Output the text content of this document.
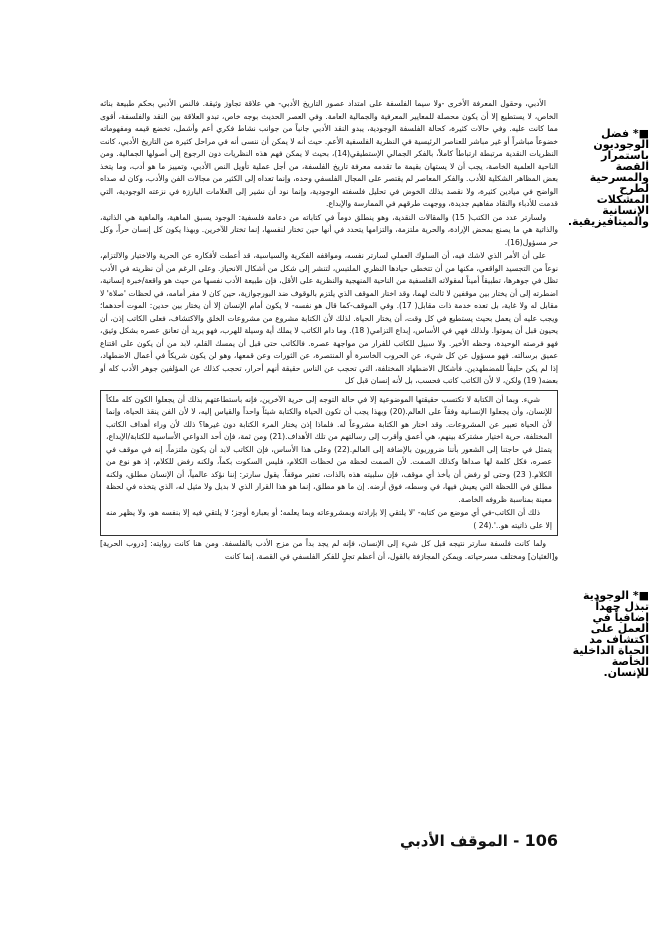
■* فضل الوجوديون باستمرار القصة والمسرحية لطرح المشكلات الإنسانية والميتافيزيقية.
■* الوجودية تبذل جهداً إضافياً في العمل على اكتشاف مد الحياة الداخلية الخاصة للإنسان.

الأدبي، وحقول المعرفة الأخرى -ولا سيما الفلسفة على امتداد عصور التاريخ الأدبي- هي علاقة تجاوز وثيقة. فالنص الأدبي بحكم طبيعة بنائه الخاص، لا يستطيع إلا أن يكون محصلة للمعايير المعرفية والجمالية العامة. وفي العصر الحديث بوجه خاص، تبدو العلاقة بين النقد والفلسفة، أقوى مما كانت عليه. وفي حالات كثيرة، كحالة الفلسفة الوجودية، يبدو النقد الأدبي جانباً من جوانب نشاط فكري أعم وأشمل، تخضع قيمه ومفهوماته خضوعاً مباشراً أو غير مباشر للعناصر الرئيسية في النظرية الفلسفية الأعم. حيث أنه لا يمكن أن ننسى أنه في مراحل كثيرة من التاريخ الأدبي، كانت النظريات النقدية مرتبطة ارتباطاً كاملاً، بالفكر الجمالي الإستطيقي(14)، بحيث لا يمكن فهم هذه النظريات دون الرجوع إلى أصولها الجمالية. ومن الناحية العلمية الخاصة، يجب أن لا يستهان بقيمة ما تقدمه معرفة تاريخ الفلسفة، من أجل عملية تأويل النص الأدبي، وتمييز ما هو أدب، وما يتخذ بعض المظاهر الشكلية للأدب. والفكر المعاصر لم يقتصر على المجال الفلسفي وحده، وإنما تعداه إلى الكثير من مجالات الفن والأدب، وكان له صداه الواضح في ميادين كثيرة، ولا نقصد بذلك الخوض في تحليل فلسفته الوجودية، وإنما نود أن نشير إلى العلامات البارزة في نزعته الوجودية، التي قدمت للأدباء والنقاد مفاهيم جديدة، ووجهت طرقهم في الممارسة والإبداع.

ولسارتر عدد من الكتب( 15) والمقالات النقدية، وهو ينطلق دوماً في كتاباته من دعامة فلسفية: الوجود يسبق الماهية، والماهية هي الذاتية، والذاتية هي ما يصنع بمحض الإرادة، والحرية ملتزمة، والتزامها يتحدد في أنها حين تختار لنفسها، إنما تختار للآخرين. وبهذا يكون كل إنسان حراً، وكل حر مسؤول(16).

على أن الأمر الذي لاشك فيه، أن السلوك العملي لسارتر نفسه، ومواقفه الفكرية والسياسية، قد أعطت لأفكاره عن الحرية والاختيار والالتزام، نوعاً من التجسيد الواقعي، مكنها من أن تتخطى حيادها النظري الملتبس، لتنشر إلى شكل من أشكال الانحياز. وعلى الرغم من أن نظريته في الأدب تظل في جوهرها، تطبيقاً أميناً لمقولاته الفلسفية من الناحية المنهجية والنظرية على الأقل، فإن طبيعة الأدب نفسها من حيث هو واقعة/خبرة إنسانية، اضطرته إلى أن يختار بين موقفين لا ثالث لهما، وقد اختار الموقف الذي يلتزم بالوقوف ضد البورجوازية، حين كان لا مفر أمامه، في لحظات 'صلاة' لا مقابل له ولا غاية، بل تعده خدمة ذات مقابل( 17). وفي الموقف-كما قال هو نفسه- لا يكون أمام الإنسان إلا أن يختار بين حدين: الموت أحدهما؛ ويجب عليه أن يعمل بحيث يستطيع في كل وقت، أن يختار الحياة. لذلك لأن الكتابة مشروع من مشروعات الخلق والاكتشاف، فعلى الكاتب إذن، أن يحيون قبل أن يموتوا. ولذلك فهي في الأساس، إبداع التزامي( 18). وما دام الكاتب لا يملك أية وسيلة للهرب، فهو يريد أن تعانق عصره بشكل وثيق، فهو فرصته الوحيدة، وحظه الأخير. ولا سبيل للكاتب للفرار من مواجهة عصره. فالكاتب حتى قبل أن يمسك القلم، لابد من أن يكون على اقتناع عميق برسالته. فهو مسؤول عن كل شيء، عن الحروب الخاسرة أو المنتصرة، عن الثورات وعن قمعها، وهو لن يكون شريكاً في أعمال الاضطهاد، إذا لم يكن حليفاً للمضطهدين. فأشكال الاضطهاد المختلفة، التي تحجب عن الناس حقيقة أنهم أحرار، تحجب كذلك عن المؤلفين جوهر الأدب كله أو بعضه( 19) ولكن، لا لأن الكاتب كاتب فحسب، بل لأنه إنسان قبل كل

شيء. وبما أن الكتابة لا تكتسب حقيقتها الموضوعية إلا في حالة التوجه إلى حرية الآخرين، فإنه باستطاعتهم بذلك أن يجعلوا الكون كله ملكاً للإنسان، وأن يجعلوا الإنسانية وفقاً على العالم.(20) وبهذا يجب أن تكون الحياة والكتابة شيئاً واحداً والقياس إليه، لا لأن الفن ينقذ الحياة، وإنما لأن الحياة تعبير عن المشروعات. وقد اختار هو الكتابة مشروعاً له. فلماذا إذن يختار المرء الكتابة دون غيرها؟ ذلك لأن وراء أهداف الكاتب المختلفة، حرية اختيار مشتركة بينهم، هي أعمق وأقرب إلى رسالتهم من تلك الأهداف.(21) ومن ثمة، فإن أحد الدواعي الأساسية للكتابة/الإبداع، يتمثل في حاجتنا إلى الشعور بأننا ضروريون بالإضافة إلى العالم.(22) وعلى هذا الأساس، فإن الكاتب لابد أن يكون ملتزماً، إنه في موقف في عصره، فكل كلمة لها صداها وكذلك الصمت. لأن الصمت لحظة من لحظات الكلام، فليس السكوت بكماً، ولكنه رفض للكلام، إذ هو نوع من الكلام.( 23) وحتى لو رفض أن يأخذ أي موقف، فإن سلبيته هذه بالذات، تعتبر موقفاً. يقول سارتر: إننا نؤكد عالمياً، أن الإنسان مطلق، ولكنه مطلق في اللحظة التي يعيش فيها، في وسطه، فوق أرضه. إن ما هو مطلق، إنما هو هذا القرار الذي لا بديل ولا مثيل له، الذي يتخذه في لحظة معينة بمناسبة ظروفه الخاصة.

ذلك أن الكاتب-في أي موضع من كتابه- 'لا يلتقي إلا بإرادته وبمشروعاته وبما يعلمه؛ أو بعبارة أوجز؛ لا يلتقي فيه إلا بنفسه هو، ولا يظهر منه إلا على ذاتيته هو..'.(24 )

ولما كانت فلسفة سارتر نتيجه قبل كل شيء إلى الإنسان، فإنه لم يجد بداً من مزج الأدب بالفلسفة. ومن هنا كانت روايته: [دروب الحرية] و[الغثيان] ومختلف مسرحياته. ويمكن المجازفة بالقول، أن أعظم تجلٍ للفكر الفلسفي في القصة، إنما كانت

106 - الموقف الأدبي
